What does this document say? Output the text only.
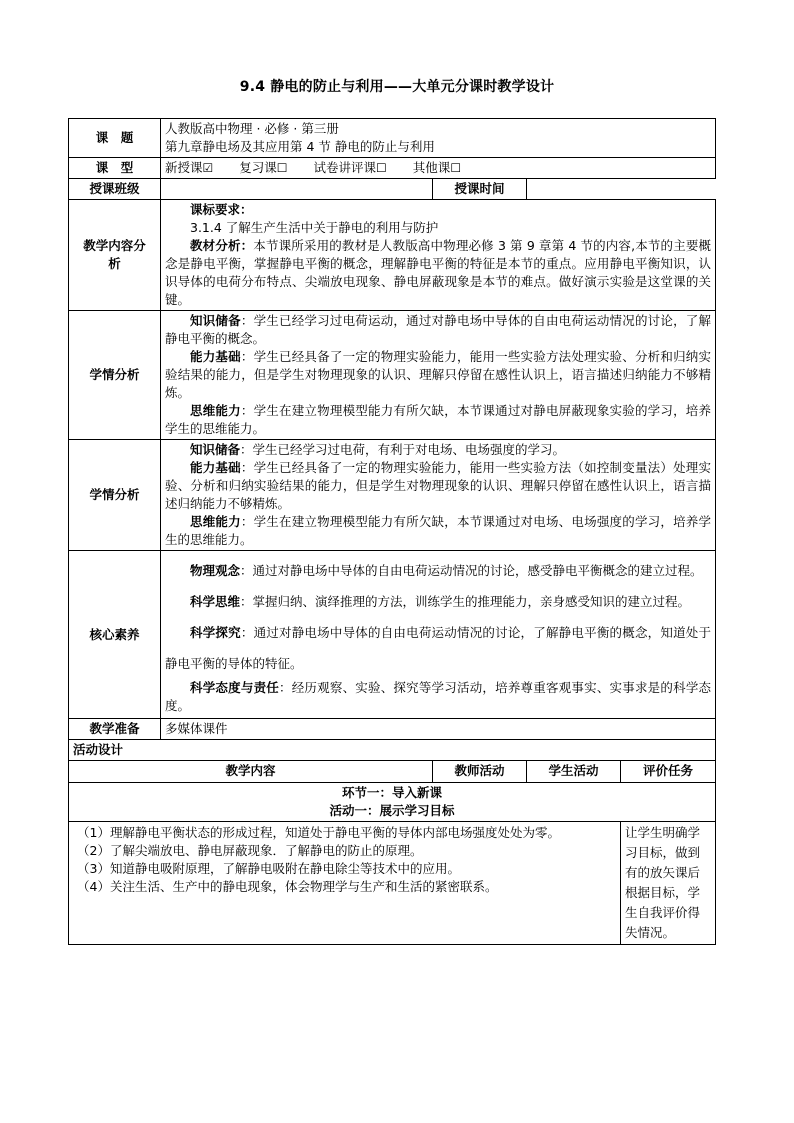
9.4 静电的防止与利用——大单元分课时教学设计
课　题	人教版高中物理 · 必修 · 第三册
第九章静电场及其应用第 4 节 静电的防止与利用			

课　型	新授课☑ 复习课☐ 试卷讲评课☐ 其他课☐			
授课班级		授课时间		
教学内容分析	课标要求：
3.1.4 了解生产生活中关于静电的利用与防护
教材分析：本节课所采用的教材是人教版高中物理必修 3 第 9 章第 4 节的内容,本节的主要概念是静电平衡，掌握静电平衡的概念，理解静电平衡的特征是本节的重点。应用静电平衡知识，认识导体的电荷分布特点、尖端放电现象、静电屏蔽现象是本节的难点。做好演示实验是这堂课的关键。			

学情分析	知识储备：学生已经学习过电荷运动，通过对静电场中导体的自由电荷运动情况的讨论，了解静电平衡的概念。
能力基础：学生已经具备了一定的物理实验能力，能用一些实验方法处理实验、分析和归纳实验结果的能力，但是学生对物理现象的认识、理解只停留在感性认识上，语言描述归纳能力不够精炼。
思维能力：学生在建立物理模型能力有所欠缺，本节课通过对静电屏蔽现象实验的学习，培养学生的思维能力。			

学情分析	知识储备：学生已经学习过电荷，有利于对电场、电场强度的学习。
能力基础：学生已经具备了一定的物理实验能力，能用一些实验方法（如控制变量法）处理实验、分析和归纳实验结果的能力，但是学生对物理现象的认识、理解只停留在感性认识上，语言描述归纳能力不够精炼。
思维能力：学生在建立物理模型能力有所欠缺，本节课通过对电场、电场强度的学习，培养学生的思维能力。			

核心素养	物理观念：通过对静电场中导体的自由电荷运动情况的讨论，感受静电平衡概念的建立过程。
科学思维：掌握归纳、演绎推理的方法，训练学生的推理能力，亲身感受知识的建立过程。
科学探究：通过对静电场中导体的自由电荷运动情况的讨论，了解静电平衡的概念，知道处于静电平衡的导体的特征。
科学态度与责任：经历观察、实验、探究等学习活动，培养尊重客观事实、实事求是的科学态度。			

教学准备	多媒体课件			
活动设计				
教学内容		教师活动	学生活动	评价任务

环节一：导入新课
活动一：展示学习目标				

（1）理解静电平衡状态的形成过程，知道处于静电平衡的导体内部电场强度处处为零。
（2）了解尖端放电、静电屏蔽现象．了解静电的防止的原理。
（3）知道静电吸附原理，了解静电吸附在静电除尘等技术中的应用。
（4）关注生活、生产中的静电现象，体会物理学与生产和生活的紧密联系。				让学生明确学习目标，做到有的放矢课后根据目标，学生自我评价得失情况。
